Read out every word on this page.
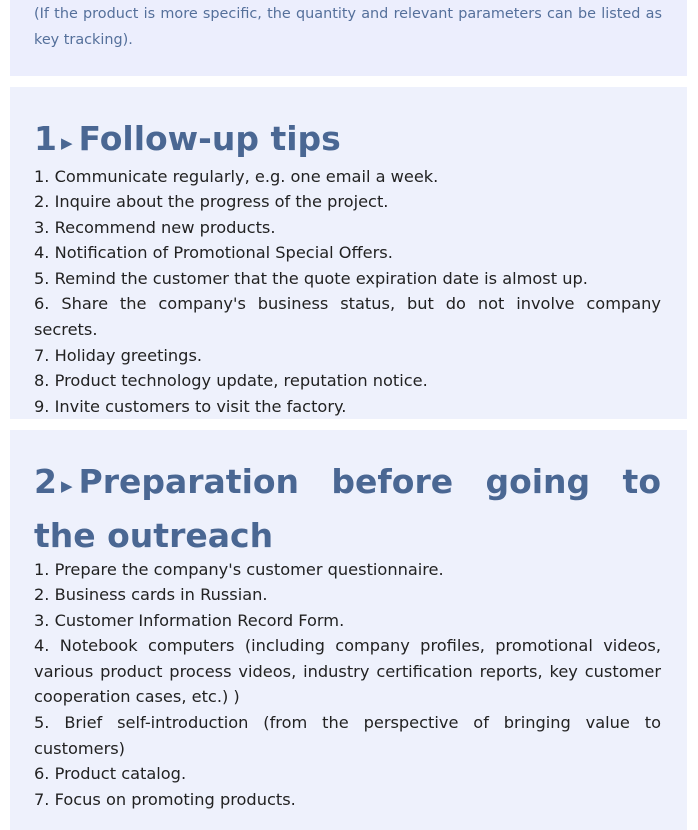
(If the product is more specific, the quantity and relevant parameters can be listed as key tracking).

1 ▶ Follow-up tips
1. Communicate regularly, e.g. one email a week.
2. Inquire about the progress of the project.
3. Recommend new products.
4. Notification of Promotional Special Offers.
5. Remind the customer that the quote expiration date is almost up.
6. Share the company's business status, but do not involve company secrets.
7. Holiday greetings.
8. Product technology update, reputation notice.
9. Invite customers to visit the factory.
2 ▶ Preparation before going to the outreach
1. Prepare the company's customer questionnaire.
2. Business cards in Russian.
3. Customer Information Record Form.
4. Notebook computers (including company profiles, promotional videos, various product process videos, industry certification reports, key customer cooperation cases, etc.) )
5. Brief self-introduction (from the perspective of bringing value to customers)
6. Product catalog.
7. Focus on promoting products.
